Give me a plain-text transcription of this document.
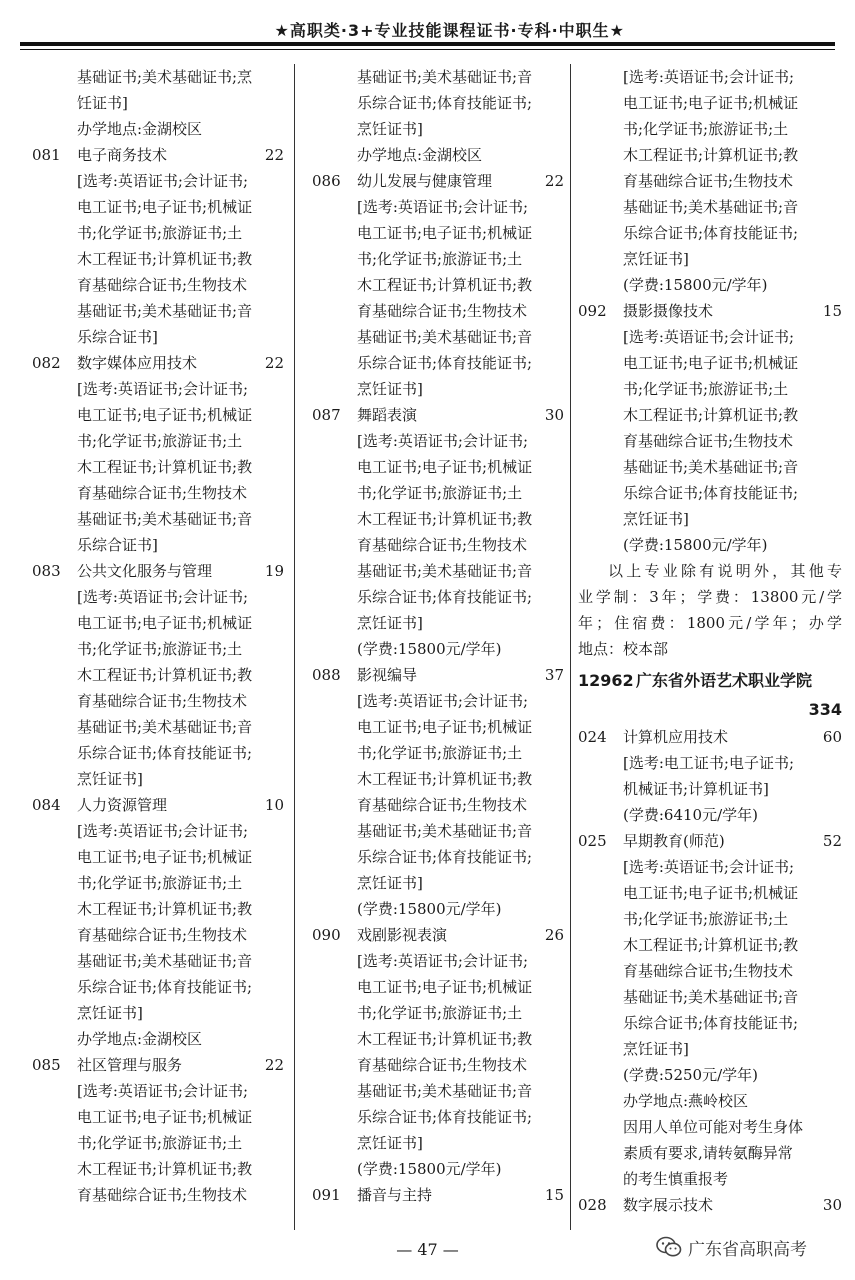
★高职类·3+专业技能课程证书·专科·中职生★
基础证书;美术基础证书;烹
饪证书]
办学地点:金湖校区
081	电子商务技术	22
[选考:英语证书;会计证书;
电工证书;电子证书;机械证
书;化学证书;旅游证书;土
木工程证书;计算机证书;教
育基础综合证书;生物技术
基础证书;美术基础证书;音
乐综合证书]
082	数字媒体应用技术	22
[选考:英语证书;会计证书;
电工证书;电子证书;机械证
书;化学证书;旅游证书;土
木工程证书;计算机证书;教
育基础综合证书;生物技术
基础证书;美术基础证书;音
乐综合证书]
083	公共文化服务与管理	19
[选考:英语证书;会计证书;
电工证书;电子证书;机械证
书;化学证书;旅游证书;土
木工程证书;计算机证书;教
育基础综合证书;生物技术
基础证书;美术基础证书;音
乐综合证书;体育技能证书;
烹饪证书]
084	人力资源管理	10
[选考:英语证书;会计证书;
电工证书;电子证书;机械证
书;化学证书;旅游证书;土
木工程证书;计算机证书;教
育基础综合证书;生物技术
基础证书;美术基础证书;音
乐综合证书;体育技能证书;
烹饪证书]
办学地点:金湖校区
085	社区管理与服务	22
[选考:英语证书;会计证书;
电工证书;电子证书;机械证
书;化学证书;旅游证书;土
木工程证书;计算机证书;教
育基础综合证书;生物技术
基础证书;美术基础证书;音
乐综合证书;体育技能证书;
烹饪证书]
办学地点:金湖校区
086	幼儿发展与健康管理	22
[选考:英语证书;会计证书;
电工证书;电子证书;机械证
书;化学证书;旅游证书;土
木工程证书;计算机证书;教
育基础综合证书;生物技术
基础证书;美术基础证书;音
乐综合证书;体育技能证书;
烹饪证书]
087	舞蹈表演	30
[选考:英语证书;会计证书;
电工证书;电子证书;机械证
书;化学证书;旅游证书;土
木工程证书;计算机证书;教
育基础综合证书;生物技术
基础证书;美术基础证书;音
乐综合证书;体育技能证书;
烹饪证书]
(学费:15800元/学年)
088	影视编导	37
[选考:英语证书;会计证书;
电工证书;电子证书;机械证
书;化学证书;旅游证书;土
木工程证书;计算机证书;教
育基础综合证书;生物技术
基础证书;美术基础证书;音
乐综合证书;体育技能证书;
烹饪证书]
(学费:15800元/学年)
090	戏剧影视表演	26
[选考:英语证书;会计证书;
电工证书;电子证书;机械证
书;化学证书;旅游证书;土
木工程证书;计算机证书;教
育基础综合证书;生物技术
基础证书;美术基础证书;音
乐综合证书;体育技能证书;
烹饪证书]
(学费:15800元/学年)
091	播音与主持	15
[选考:英语证书;会计证书;
电工证书;电子证书;机械证
书;化学证书;旅游证书;土
木工程证书;计算机证书;教
育基础综合证书;生物技术
基础证书;美术基础证书;音
乐综合证书;体育技能证书;
烹饪证书]
(学费:15800元/学年)
092	摄影摄像技术	15
[选考:英语证书;会计证书;
电工证书;电子证书;机械证
书;化学证书;旅游证书;土
木工程证书;计算机证书;教
育基础综合证书;生物技术
基础证书;美术基础证书;音
乐综合证书;体育技能证书;
烹饪证书]
(学费:15800元/学年)
以上专业除有说明外，其他专
业学制：3年；学费：13800元/学
年；住宿费：1800元/学年；办学
地点：校本部
12962 广东省外语艺术职业学院
334
024	计算机应用技术	60
[选考:电工证书;电子证书;
机械证书;计算机证书]
(学费:6410元/学年)
025	早期教育(师范)	52
[选考:英语证书;会计证书;
电工证书;电子证书;机械证
书;化学证书;旅游证书;土
木工程证书;计算机证书;教
育基础综合证书;生物技术
基础证书;美术基础证书;音
乐综合证书;体育技能证书;
烹饪证书]
(学费:5250元/学年)
办学地点:燕岭校区
因用人单位可能对考生身体
素质有要求,请转氨酶异常
的考生慎重报考
028	数字展示技术	30
— 47 —	广东省高职高考
